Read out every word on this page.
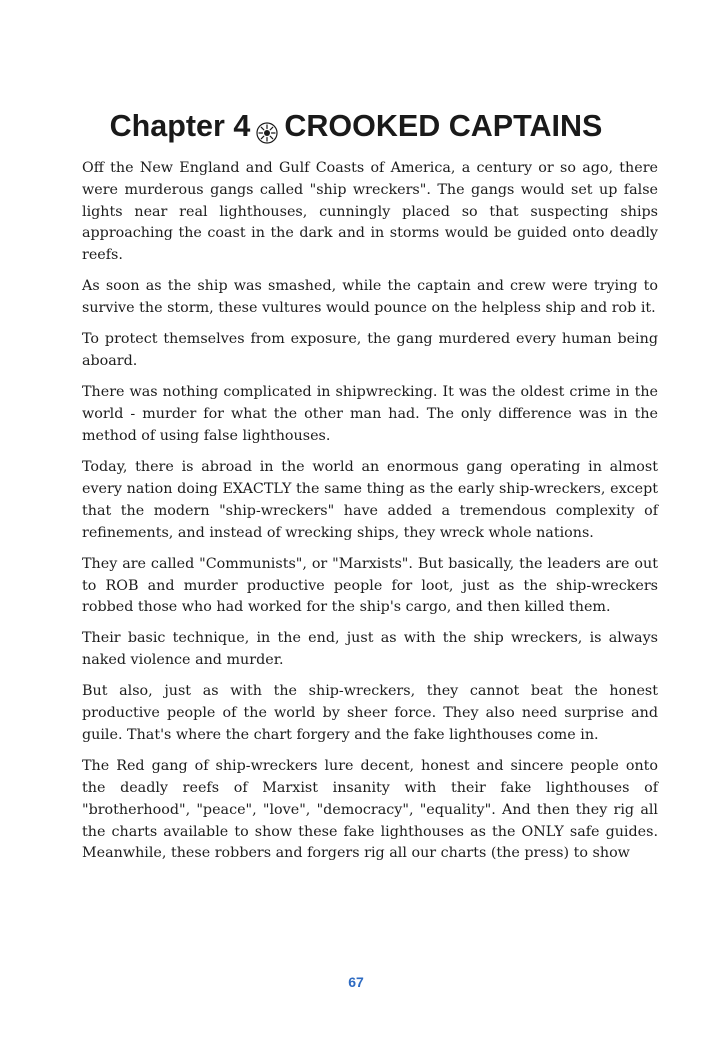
Chapter 4 CROOKED CAPTAINS

Off the New England and Gulf Coasts of America, a century or so ago, there were murderous gangs called "ship wreckers". The gangs would set up false lights near real lighthouses, cunningly placed so that suspecting ships approaching the coast in the dark and in storms would be guided onto deadly reefs.

As soon as the ship was smashed, while the captain and crew were trying to survive the storm, these vultures would pounce on the helpless ship and rob it.

To protect themselves from exposure, the gang murdered every human being aboard.

There was nothing complicated in shipwrecking. It was the oldest crime in the world - murder for what the other man had. The only difference was in the method of using false lighthouses.

Today, there is abroad in the world an enormous gang operating in almost every nation doing EXACTLY the same thing as the early ship-wreckers, except that the modern "ship-wreckers" have added a tremendous complexity of refinements, and instead of wrecking ships, they wreck whole nations.

They are called "Communists", or "Marxists". But basically, the leaders are out to ROB and murder productive people for loot, just as the ship-wreckers robbed those who had worked for the ship's cargo, and then killed them.

Their basic technique, in the end, just as with the ship wreckers, is always naked violence and murder.

But also, just as with the ship-wreckers, they cannot beat the honest productive people of the world by sheer force. They also need surprise and guile. That's where the chart forgery and the fake lighthouses come in.

The Red gang of ship-wreckers lure decent, honest and sincere people onto the deadly reefs of Marxist insanity with their fake lighthouses of "brotherhood", "peace", "love", "democracy", "equality". And then they rig all the charts available to show these fake lighthouses as the ONLY safe guides. Meanwhile, these robbers and forgers rig all our charts (the press) to show

67
